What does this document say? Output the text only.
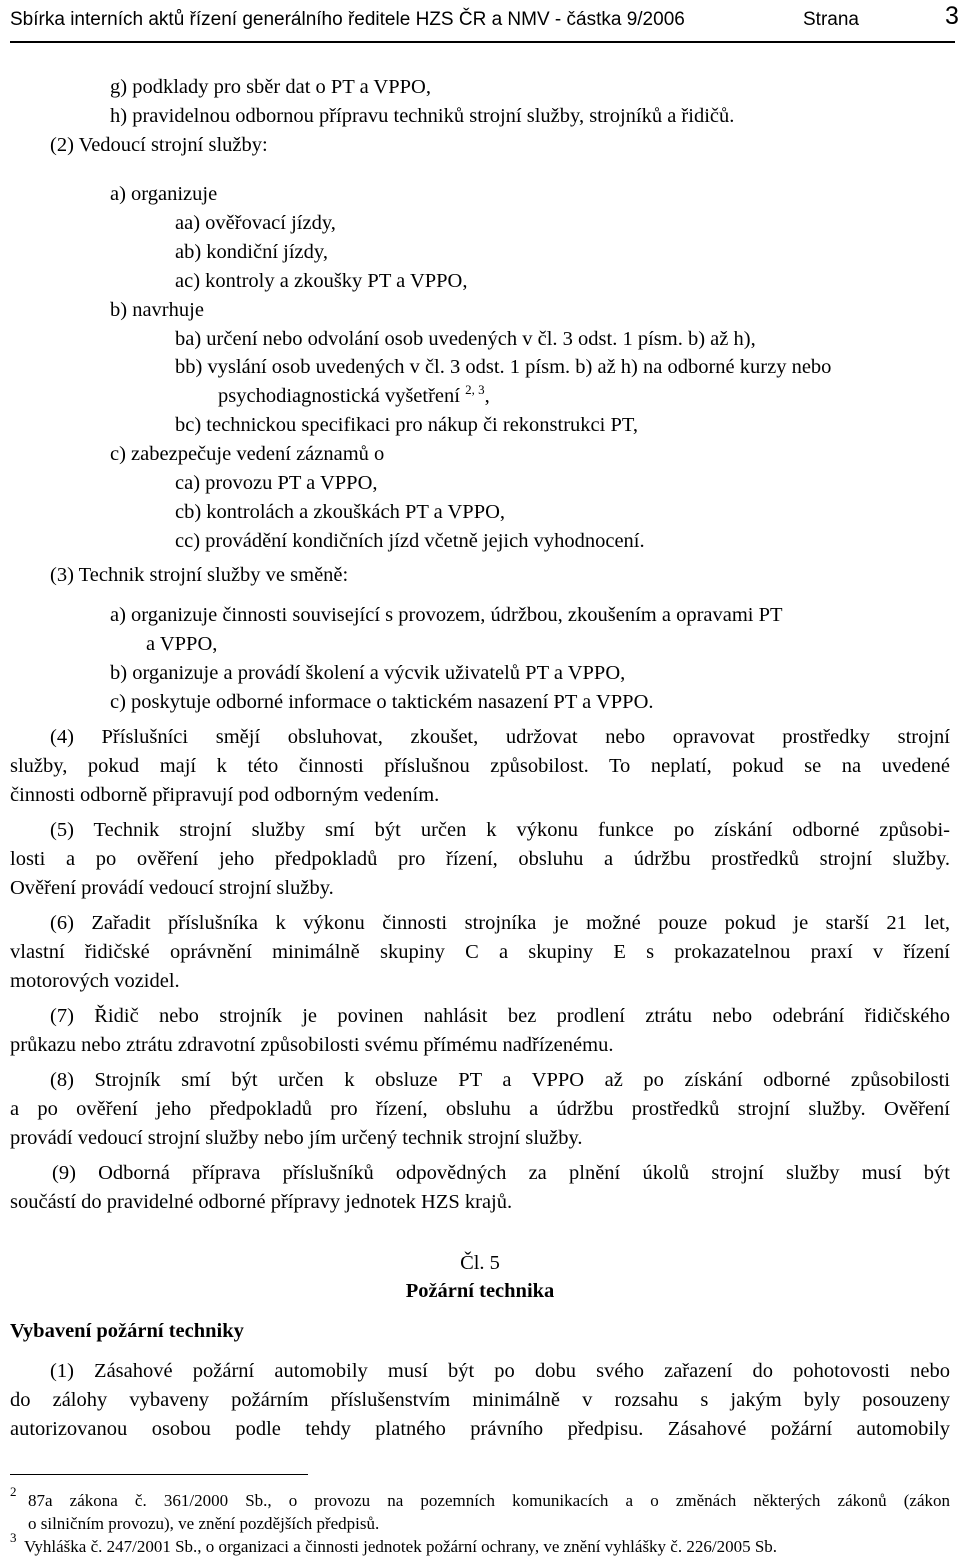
Sbírka interních aktů řízení generálního ředitele HZS ČR a NMV - částka 9/2006	Strana	3
g) podklady pro sběr dat o PT a VPPO,
h) pravidelnou odbornou přípravu techniků strojní služby, strojníků a řidičů.
(2) Vedoucí strojní služby:
a) organizuje
aa) ověřovací jízdy,
ab) kondiční jízdy,
ac) kontroly a zkoušky PT a VPPO,
b) navrhuje
ba) určení nebo odvolání osob uvedených v čl. 3 odst. 1 písm. b) až h),
bb) vyslání osob uvedených v čl. 3 odst. 1 písm. b) až h) na odborné kurzy nebo
psychodiagnostická vyšetření $^{2, 3}$,
bc) technickou specifikaci pro nákup či rekonstrukci PT,
c) zabezpečuje vedení záznamů o
ca) provozu PT a VPPO,
cb) kontrolách a zkouškách PT a VPPO,
cc) provádění kondičních jízd včetně jejich vyhodnocení.
(3) Technik strojní služby ve směně:
a) organizuje činnosti související s provozem, údržbou, zkoušením a opravami PT
a VPPO,
b) organizuje a provádí školení a výcvik uživatelů PT a VPPO,
c) poskytuje odborné informace o taktickém nasazení PT a VPPO.
(4) Příslušníci smějí obsluhovat, zkoušet, udržovat nebo opravovat prostředky strojní
služby, pokud mají k této činnosti příslušnou způsobilost. To neplatí, pokud se na uvedené
činnosti odborně připravují pod odborným vedením.
(5) Technik strojní služby smí být určen k výkonu funkce po získání odborné způsobi-
losti a po ověření jeho předpokladů pro řízení, obsluhu a údržbu prostředků strojní služby.
Ověření provádí vedoucí strojní služby.
(6) Zařadit příslušníka k výkonu činnosti strojníka je možné pouze pokud je starší 21 let,
vlastní řidičské oprávnění minimálně skupiny C a skupiny E s prokazatelnou praxí v řízení
motorových vozidel.
(7) Řidič nebo strojník je povinen nahlásit bez prodlení ztrátu nebo odebrání řidičského
průkazu nebo ztrátu zdravotní způsobilosti svému přímému nadřízenému.
(8) Strojník smí být určen k obsluze PT a VPPO až po získání odborné způsobilosti
a po ověření jeho předpokladů pro řízení, obsluhu a údržbu prostředků strojní služby. Ověření
provádí vedoucí strojní služby nebo jím určený technik strojní služby.
(9) Odborná příprava příslušníků odpovědných za plnění úkolů strojní služby musí být
součástí do pravidelné odborné přípravy jednotek HZS krajů.
Čl. 5
Požární technika
Vybavení požární techniky
(1) Zásahové požární automobily musí být po dobu svého zařazení do pohotovosti nebo
do zálohy vybaveny požárním příslušenstvím minimálně v rozsahu s jakým byly posouzeny
autorizovanou osobou podle tehdy platného právního předpisu. Zásahové požární automobily
2 87a zákona č. 361/2000 Sb., o provozu na pozemních komunikacích a o změnách některých zákonů (zákon
o silničním provozu), ve znění pozdějších předpisů.
3 Vyhláška č. 247/2001 Sb., o organizaci a činnosti jednotek požární ochrany, ve znění vyhlášky č. 226/2005 Sb.
